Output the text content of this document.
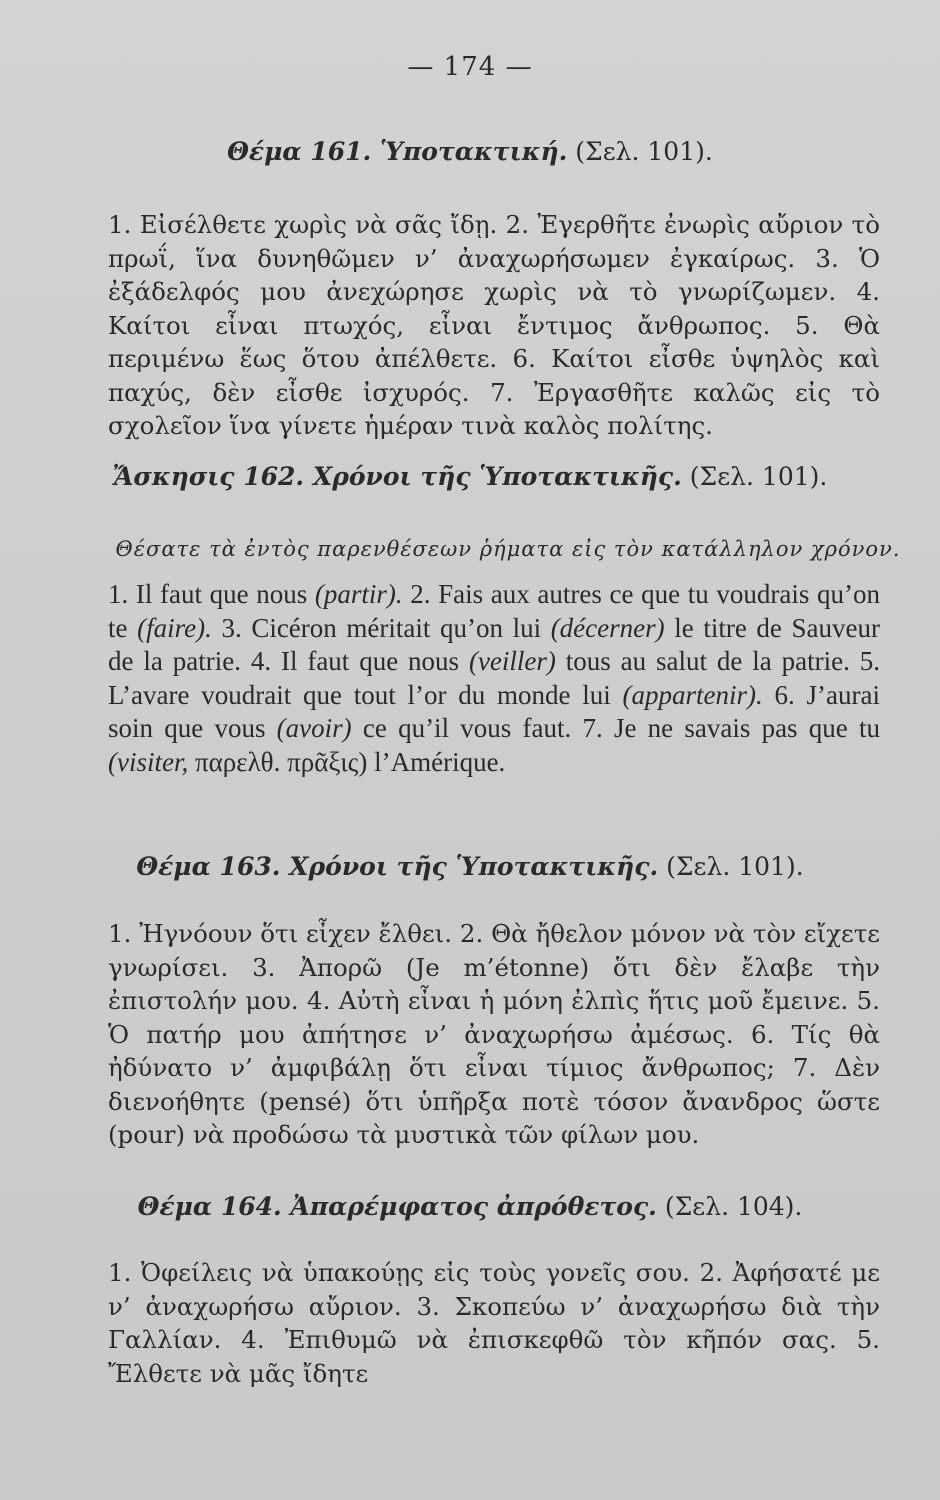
— 174 —
Θέμα 161. Ὑποτακτική. (Σελ. 101).

1. Εἰσέλθετε χωρὶς νὰ σᾶς ἴδῃ. 2. Ἐγερθῆτε ἐνωρὶς αὔριον τὸ πρωΐ, ἵνα δυνηθῶμεν ν’ ἀναχωρήσωμεν ἐγκαίρως. 3. Ὁ ἐξάδελφός μου ἀνεχώρησε χωρὶς νὰ τὸ γνωρίζωμεν. 4. Καίτοι εἶναι πτωχός, εἶναι ἔντιμος ἄνθρωπος. 5. Θὰ περιμένω ἕως ὅτου ἀπέλθετε. 6. Καίτοι εἶσθε ὑψηλὸς καὶ παχύς, δὲν εἶσθε ἰσχυρός. 7. Ἐργασθῆτε καλῶς εἰς τὸ σχολεῖον ἵνα γίνετε ἡμέραν τινὰ καλὸς πολίτης.

Ἄσκησις 162. Χρόνοι τῆς Ὑποτακτικῆς. (Σελ. 101).
Θέσατε τὰ ἐντὸς παρενθέσεων ῥήματα εἰς τὸν κατάλληλον χρόνον.

1. Il faut que nous (partir). 2. Fais aux autres ce que tu voudrais qu’on te (faire). 3. Cicéron méritait qu’on lui (décerner) le titre de Sauveur de la patrie. 4. Il faut que nous (veiller) tous au salut de la patrie. 5. L’avare voudrait que tout l’or du monde lui (appartenir). 6. J’aurai soin que vous (avoir) ce qu’il vous faut. 7. Je ne savais pas que tu (visiter, παρελθ. πρᾶξις) l’Amérique.

Θέμα 163. Χρόνοι τῆς Ὑποτακτικῆς. (Σελ. 101).

1. Ἠγνόουν ὅτι εἶχεν ἔλθει. 2. Θὰ ἤθελον μόνον νὰ τὸν εἴχετε γνωρίσει. 3. Ἀπορῶ (Je m’étonne) ὅτι δὲν ἔλαβε τὴν ἐπιστολήν μου. 4. Αὐτὴ εἶναι ἡ μόνη ἐλπὶς ἥτις μοῦ ἔμεινε. 5. Ὁ πατήρ μου ἀπήτησε ν’ ἀναχωρήσω ἀμέσως. 6. Τίς θὰ ἠδύνατο ν’ ἀμφιβάλῃ ὅτι εἶναι τίμιος ἄνθρωπος; 7. Δὲν διενοήθητε (pensé) ὅτι ὑπῆρξα ποτὲ τόσον ἄνανδρος ὥστε (pour) νὰ προδώσω τὰ μυστικὰ τῶν φίλων μου.

Θέμα 164. Ἀπαρέμφατος ἀπρόθετος. (Σελ. 104).

1. Ὀφείλεις νὰ ὑπακούῃς εἰς τοὺς γονεῖς σου. 2. Ἀφήσατέ με ν’ ἀναχωρήσω αὔριον. 3. Σκοπεύω ν’ ἀναχωρήσω διὰ τὴν Γαλλίαν. 4. Ἐπιθυμῶ νὰ ἐπισκεφθῶ τὸν κῆπόν σας. 5. Ἔλθετε νὰ μᾶς ἴδητε
